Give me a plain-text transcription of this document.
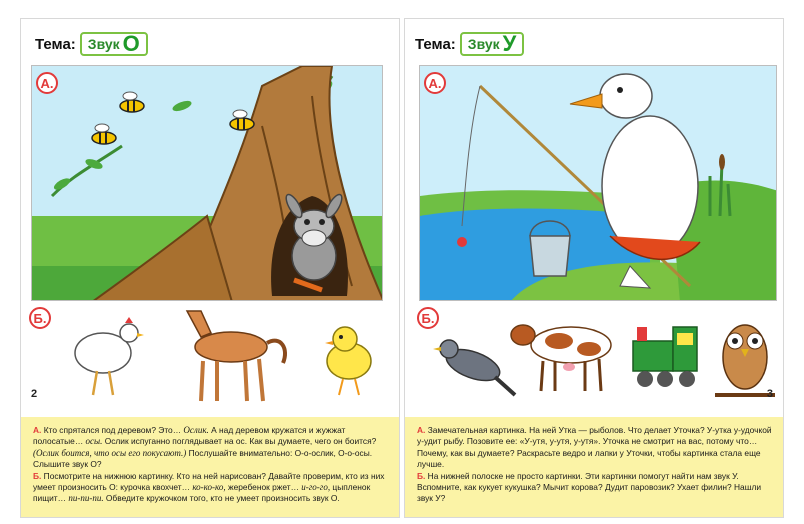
Тема: Звук О
А.
Б.
2

А. Кто спрятался под деревом? Это… Ослик. А над деревом кружатся и жужжат полосатые… осы. Ослик испуганно поглядывает на ос. Как вы думаете, чего он боится? (Ослик боится, что осы его покусают.) Послушайте внимательно: О-о-ослик, О-о-осы. Слышите звук О?

Б. Посмотрите на нижнюю картинку. Кто на ней нарисован? Давайте проверим, кто из них умеет произносить О: курочка квохчет… ко-ко-ко, жеребенок ржет… и-го-го, цыпленок пищит… пи-пи-пи. Обведите кружочком того, кто не умеет произносить звук О.

Тема: Звук У
А.
Б.
3

А. Замечательная картинка. На ней Утка — рыболов. Что делает Уточка? У-утка у-удочкой у-удит рыбу. Позовите ее: «У-утя, у-утя, у-утя». Уточка не смотрит на вас, потому что… Почему, как вы думаете? Раскрасьте ведро и лапки у Уточки, чтобы картинка стала еще лучше.

Б. На нижней полоске не просто картинки. Эти картинки помогут найти нам звук У. Вспомните, как кукует кукушка? Мычит корова? Дудит паровозик? Ухает филин? Нашли звук У?
